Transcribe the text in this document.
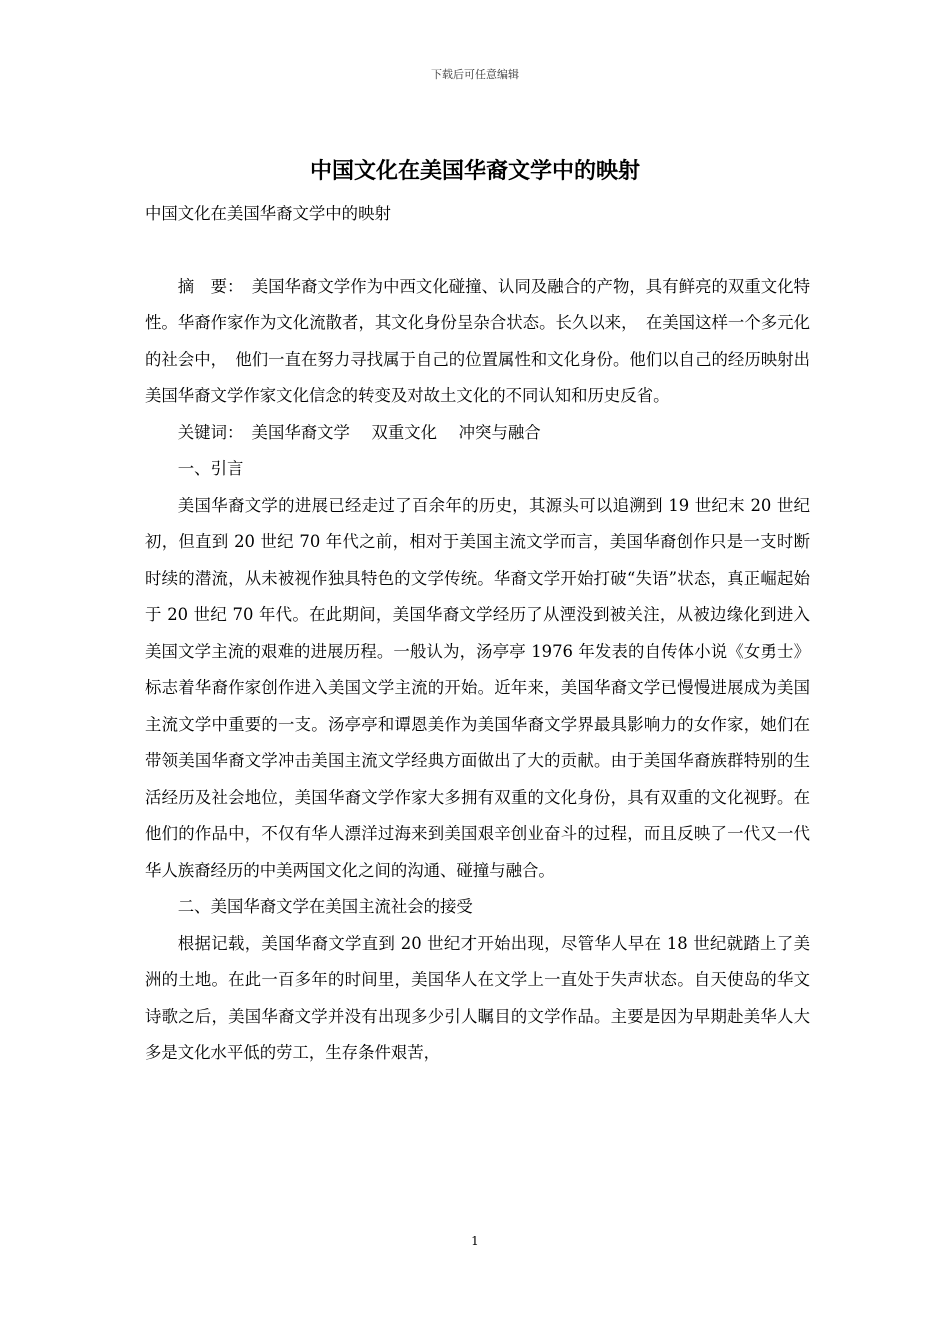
下载后可任意编辑
中国文化在美国华裔文学中的映射

中国文化在美国华裔文学中的映射

摘　要：　美国华裔文学作为中西文化碰撞、认同及融合的产物，具有鲜亮的双重文化特性。华裔作家作为文化流散者，其文化身份呈杂合状态。长久以来，　在美国这样一个多元化的社会中，　他们一直在努力寻找属于自己的位置属性和文化身份。他们以自己的经历映射出美国华裔文学作家文化信念的转变及对故土文化的不同认知和历史反省。

关键词：　美国华裔文学　 双重文化　 冲突与融合

一、引言

美国华裔文学的进展已经走过了百余年的历史，其源头可以追溯到 19 世纪末 20 世纪初，但直到 20 世纪 70 年代之前，相对于美国主流文学而言，美国华裔创作只是一支时断时续的潜流，从未被视作独具特色的文学传统。华裔文学开始打破“失语”状态，真正崛起始于 20 世纪 70 年代。在此期间，美国华裔文学经历了从湮没到被关注，从被边缘化到进入美国文学主流的艰难的进展历程。一般认为，汤亭亭 1976 年发表的自传体小说《女勇士》标志着华裔作家创作进入美国文学主流的开始。近年来，美国华裔文学已慢慢进展成为美国主流文学中重要的一支。汤亭亭和谭恩美作为美国华裔文学界最具影响力的女作家，她们在带领美国华裔文学冲击美国主流文学经典方面做出了大的贡献。由于美国华裔族群特别的生活经历及社会地位，美国华裔文学作家大多拥有双重的文化身份，具有双重的文化视野。在他们的作品中，不仅有华人漂洋过海来到美国艰辛创业奋斗的过程，而且反映了一代又一代华人族裔经历的中美两国文化之间的沟通、碰撞与融合。

二、美国华裔文学在美国主流社会的接受

根据记载，美国华裔文学直到 20 世纪才开始出现，尽管华人早在 18 世纪就踏上了美洲的土地。在此一百多年的时间里，美国华人在文学上一直处于失声状态。自天使岛的华文诗歌之后，美国华裔文学并没有出现多少引人瞩目的文学作品。主要是因为早期赴美华人大多是文化水平低的劳工，生存条件艰苦，

1
